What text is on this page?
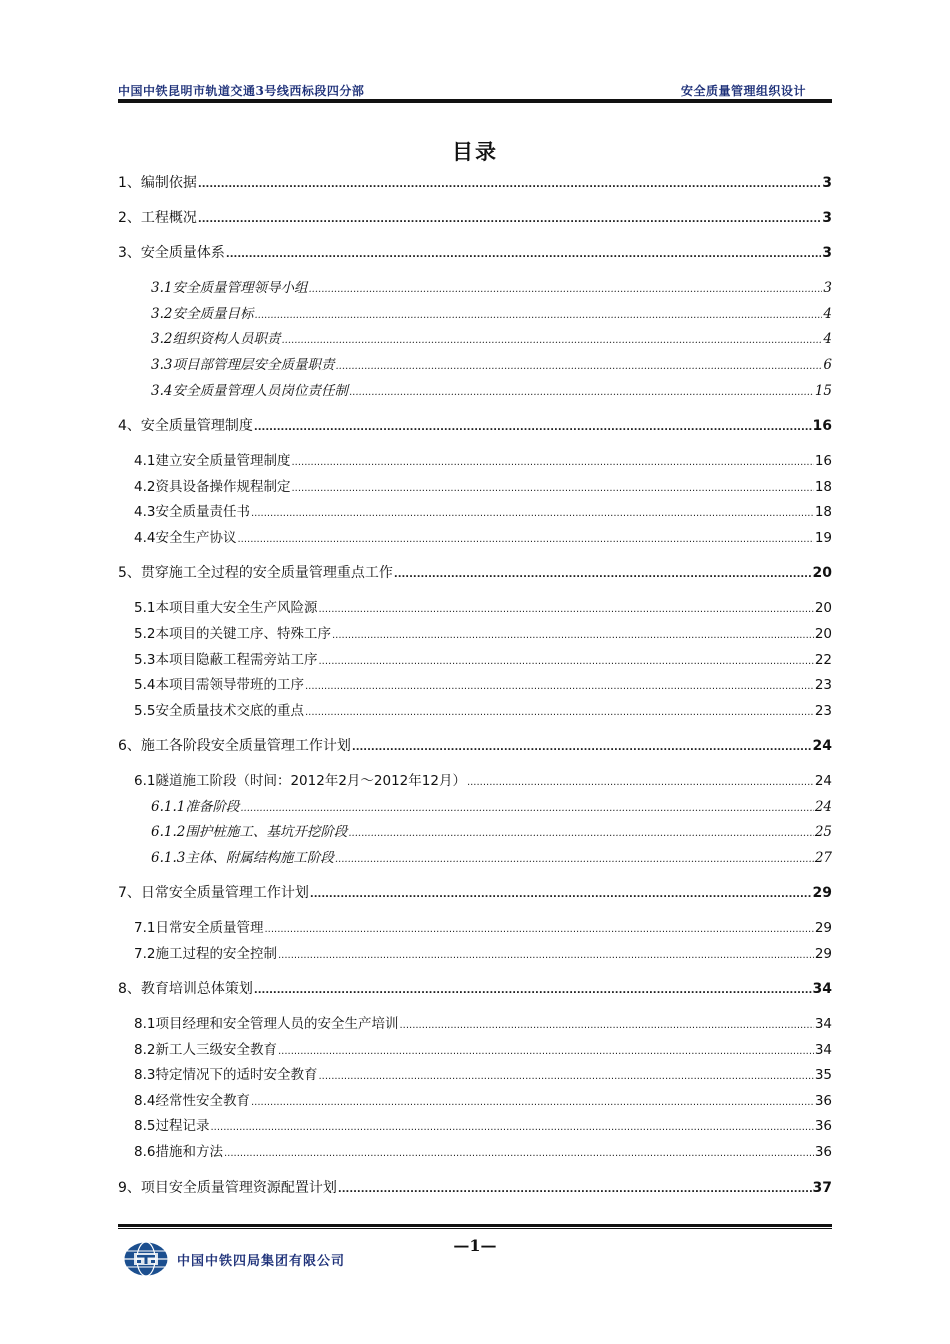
中国中铁昆明市轨道交通3号线西标段四分部	安全质量管理组织设计
目录
1、编制依据 .....	3
2、工程概况 .....	3
3、安全质量体系 .....	3
3.1安全质量管理领导小组 .....	3
3.2安全质量目标 .....	4
3.2组织资构人员职责 .....	4
3.3项目部管理层安全质量职责 .....	6
3.4安全质量管理人员岗位责任制 .....	15
4、安全质量管理制度 .....	16
4.1建立安全质量管理制度 .....	16
4.2资具设备操作规程制定 .....	18
4.3安全质量责任书 .....	18
4.4安全生产协议 .....	19
5、贯穿施工全过程的安全质量管理重点工作 .....	20
5.1本项目重大安全生产风险源 .....	20
5.2本项目的关键工序、特殊工序 .....	20
5.3本项目隐蔽工程需旁站工序 .....	22
5.4本项目需领导带班的工序 .....	23
5.5安全质量技术交底的重点 .....	23
6、施工各阶段安全质量管理工作计划 .....	24
6.1隧道施工阶段（时间：2012年2月～2012年12月） .....	24
6.1.1准备阶段 .....	24
6.1.2围护桩施工、基坑开挖阶段 .....	25
6.1.3主体、附属结构施工阶段 .....	27
7、日常安全质量管理工作计划 .....	29
7.1日常安全质量管理 .....	29
7.2施工过程的安全控制 .....	29
8、教育培训总体策划 .....	34
8.1项目经理和安全管理人员的安全生产培训 .....	34
8.2新工人三级安全教育 .....	34
8.3特定情况下的适时安全教育 .....	35
8.4经常性安全教育 .....	36
8.5过程记录 .....	36
8.6措施和方法 .....	36
9、项目安全质量管理资源配置计划 .....	37
—1—
中国中铁四局集团有限公司
